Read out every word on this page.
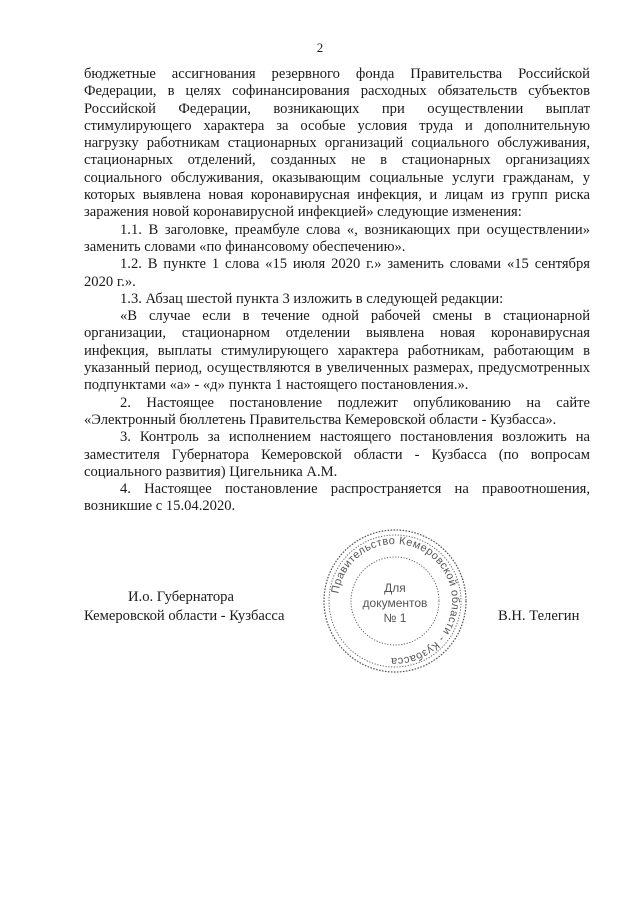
2

бюджетные ассигнования резервного фонда Правительства Российской Федерации, в целях софинансирования расходных обязательств субъектов Российской Федерации, возникающих при осуществлении выплат стимулирующего характера за особые условия труда и дополнительную нагрузку работникам стационарных организаций социального обслуживания, стационарных отделений, созданных не в стационарных организациях социального обслуживания, оказывающим социальные услуги гражданам, у которых выявлена новая коронавирусная инфекция, и лицам из групп риска заражения новой коронавирусной инфекцией» следующие изменения:

1.1. В заголовке, преамбуле слова «, возникающих при осуществлении» заменить словами «по финансовому обеспечению».

1.2. В пункте 1 слова «15 июля 2020 г.» заменить словами «15 сентября 2020 г.».

1.3. Абзац шестой пункта 3 изложить в следующей редакции:

«В случае если в течение одной рабочей смены в стационарной организации, стационарном отделении выявлена новая коронавирусная инфекция, выплаты стимулирующего характера работникам, работающим в указанный период, осуществляются в увеличенных размерах, предусмотренных подпунктами «а» - «д» пункта 1 настоящего постановления.».

2. Настоящее постановление подлежит опубликованию на сайте «Электронный бюллетень Правительства Кемеровской области - Кузбасса».

3. Контроль за исполнением настоящего постановления возложить на заместителя Губернатора Кемеровской области - Кузбасса (по вопросам социального развития) Цигельника А.М.

4. Настоящее постановление распространяется на правоотношения, возникшие с 15.04.2020.

И.о. Губернатора
Кемеровской области - Кузбасса	В.Н. Телегин
Правительство Кемеровской области - Кузбасса
Для
документов
№ 1
